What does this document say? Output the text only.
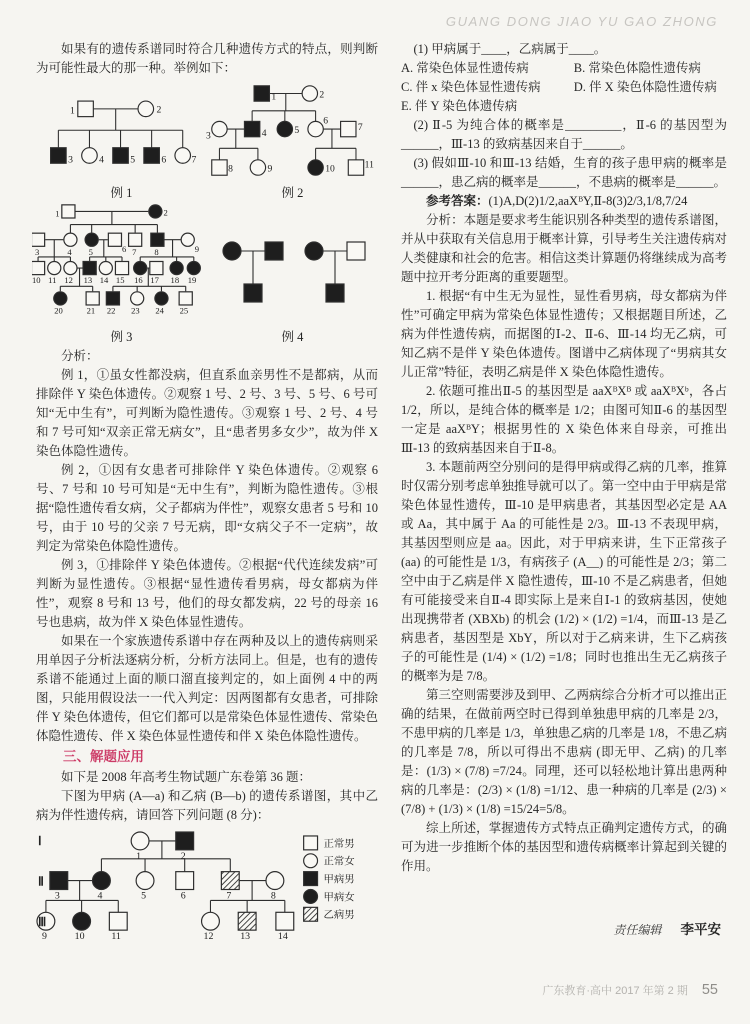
GUANG DONG JIAO YU GAO ZHONG

如果有的遗传系谱同时符合几种遗传方式的特点，则判断为可能性最大的那一种。举例如下：

1	2
3	4	5	6	7
例 1
1	2
3	4	5
6
7
8	9	10	11
例 2
1	2
3	4 5	6 7 8	9
10 11 12 13 14 15 16 17 18 19
20	21 22 23 24 25
例 3	例 4

分析：

例 1，①虽女性都没病，但直系血亲男性不是都病，从而排除伴 Y 染色体遗传。②观察 1 号、2 号、3 号、5 号、6 号可知“无中生有”，可判断为隐性遗传。③观察 1 号、2 号、4 号和 7 号可知“双亲正常无病女”，且“患者男多女少”，故为伴 X 染色体隐性遗传。

例 2，①因有女患者可排除伴 Y 染色体遗传。②观察 6 号、7 号和 10 号可知是“无中生有”，判断为隐性遗传。③根据“隐性遗传看女病，父子都病为伴性”，观察女患者 5 号和 10 号，由于 10 号的父亲 7 号无病，即“女病父子不一定病”，故判定为常染色体隐性遗传。

例 3，①排除伴 Y 染色体遗传。②根据“代代连续发病”可判断为显性遗传。③根据“显性遗传看男病，母女都病为伴性”，观察 8 号和 13 号，他们的母女都发病，22 号的母亲 16 号也患病，故为伴 X 染色体显性遗传。

如果在一个家族遗传系谱中存在两种及以上的遗传病则采用单因子分析法逐病分析，分析方法同上。但是，也有的遗传系谱不能通过上面的顺口溜直接判定的，如上面例 4 中的两图，只能用假设法一一代入判定：因两图都有女患者，可排除伴 Y 染色体遗传，但它们都可以是常染色体显性遗传、常染色体隐性遗传、伴 X 染色体显性遗传和伴 X 染色体隐性遗传。

三、解题应用

如下是 2008 年高考生物试题广东卷第 36 题：

下图为甲病 (A—a) 和乙病 (B—b) 的遗传系谱图，其中乙病为伴性遗传病，请回答下列问题 (8 分)：

1	2
3	4	5	6	7	8
9	10	11	12	13	14
Ⅰ
Ⅱ
Ⅲ
正常男
正常女
甲病男
甲病女
乙病男

(1) 甲病属于____，乙病属于____。

A. 常染色体显性遗传病	B. 常染色体隐性遗传病
C. 伴 x 染色体显性遗传病	D. 伴 X 染色体隐性遗传病
E. 伴 Y 染色体遗传病

(2) Ⅱ-5 为纯合体的概率是_________，Ⅱ-6 的基因型为______，Ⅲ-13 的致病基因来自于______。

(3) 假如Ⅲ-10 和Ⅲ-13 结婚，生育的孩子患甲病的概率是______，患乙病的概率是______，不患病的概率是______。

参考答案：(1)A,D(2)1/2,aaXᴮY,Ⅱ-8(3)2/3,1/8,7/24

分析：本题是要求考生能识别各种类型的遗传系谱图，并从中获取有关信息用于概率计算，引导考生关注遗传病对人类健康和社会的危害。相信这类计算题仍将继续成为高考题中拉开考分距离的重要题型。

1. 根据“有中生无为显性，显性看男病，母女都病为伴性”可确定甲病为常染色体显性遗传；又根据题目所述，乙病为伴性遗传病，而据图的Ⅰ-2、Ⅱ-6、Ⅲ-14 均无乙病，可知乙病不是伴 Y 染色体遗传。图谱中乙病体现了“男病其女儿正常”特征，表明乙病是伴 X 染色体隐性遗传。

2. 依题可推出Ⅱ-5 的基因型是 aaXᴮXᴮ 或 aaXᴮXᵇ，各占 1/2，所以，是纯合体的概率是 1/2；由图可知Ⅱ-6 的基因型一定是 aaXᴮY；根据男性的 X 染色体来自母亲，可推出Ⅲ-13 的致病基因来自于Ⅱ-8。

3. 本题前两空分别问的是得甲病或得乙病的几率，推算时仅需分别考虑单独推导就可以了。第一空中由于甲病是常染色体显性遗传，Ⅲ-10 是甲病患者，其基因型必定是 AA 或 Aa，其中属于 Aa 的可能性是 2/3。Ⅲ-13 不表现甲病，其基因型则应是 aa。因此，对于甲病来讲，生下正常孩子 (aa) 的可能性是 1/3，有病孩子 (A__) 的可能性是 2/3；第二空中由于乙病是伴 X 隐性遗传，Ⅲ-10 不是乙病患者，但她有可能接受来自Ⅱ-4 即实际上是来自Ⅰ-1 的致病基因，使她出现携带者 (XBXb) 的机会 (1/2) × (1/2) =1/4，而Ⅲ-13 是乙病患者，基因型是 XbY，所以对于乙病来讲，生下乙病孩子的可能性是 (1/4) × (1/2) =1/8；同时也推出生无乙病孩子的概率为是 7/8。

第三空则需要涉及到甲、乙两病综合分析才可以推出正确的结果，在做前两空时已得到单独患甲病的几率是 2/3，不患甲病的几率是 1/3，单独患乙病的几率是 1/8，不患乙病的几率是 7/8，所以可得出不患病 (即无甲、乙病) 的几率是：(1/3) × (7/8) =7/24。同理，还可以轻松地计算出患两种病的几率是：(2/3) × (1/8) =1/12、患一种病的几率是 (2/3) × (7/8) + (1/3) × (1/8) =15/24=5/8。

综上所述，掌握遗传方式特点正确判定遗传方式，的确可为进一步推断个体的基因型和遗传病概率计算起到关键的作用。

责任编辑 李平安

广东教育·高中 2017 年第 2 期 55
